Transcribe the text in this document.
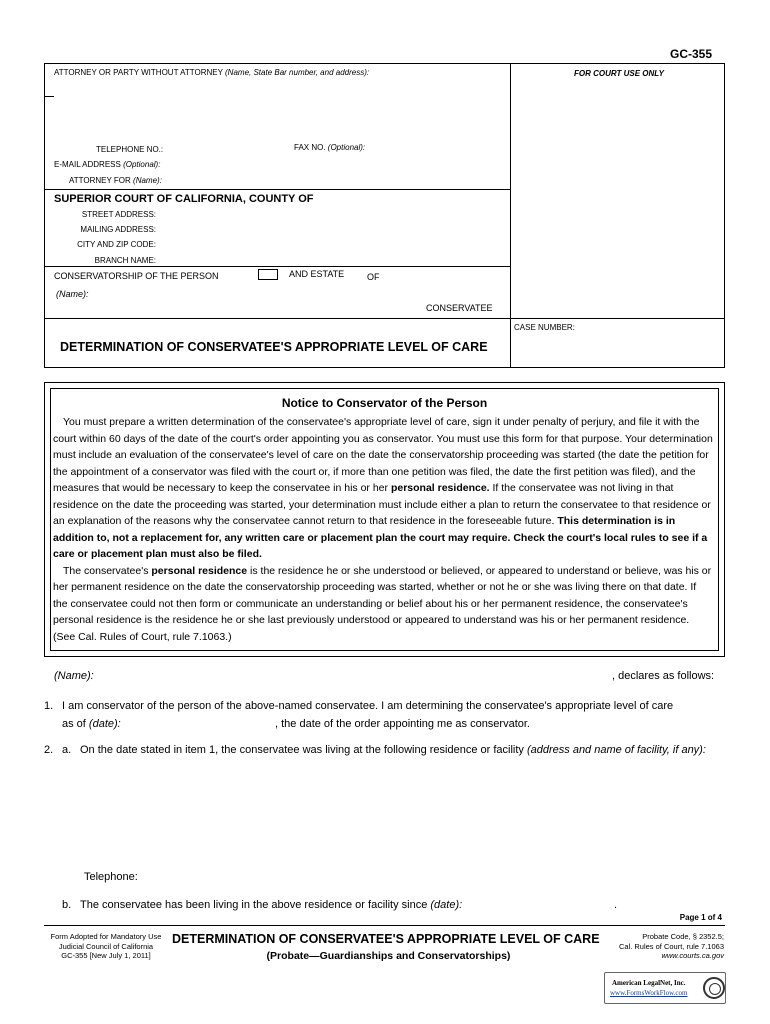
GC-355
ATTORNEY OR PARTY WITHOUT ATTORNEY (Name, State Bar number, and address):	FOR COURT USE ONLY
TELEPHONE NO.:	FAX NO. (Optional):
E-MAIL ADDRESS (Optional):
ATTORNEY FOR (Name):
SUPERIOR COURT OF CALIFORNIA, COUNTY OF
STREET ADDRESS:
MAILING ADDRESS:
CITY AND ZIP CODE:
BRANCH NAME:
CONSERVATORSHIP OF THE PERSON	AND ESTATE	OF
(Name):
CONSERVATEE
CASE NUMBER:
DETERMINATION OF CONSERVATEE'S APPROPRIATE LEVEL OF CARE
Notice to Conservator of the Person

You must prepare a written determination of the conservatee's appropriate level of care, sign it under penalty of perjury, and file it with the court within 60 days of the date of the court's order appointing you as conservator. You must use this form for that purpose. Your determination must include an evaluation of the conservatee's level of care on the date the conservatorship proceeding was started (the date the petition for the appointment of a conservator was filed with the court or, if more than one petition was filed, the date the first petition was filed), and the measures that would be necessary to keep the conservatee in his or her personal residence. If the conservatee was not living in that residence on the date the proceeding was started, your determination must include either a plan to return the conservatee to that residence or an explanation of the reasons why the conservatee cannot return to that residence in the foreseeable future. This determination is in addition to, not a replacement for, any written care or placement plan the court may require. Check the court's local rules to see if a care or placement plan must also be filed.

The conservatee's personal residence is the residence he or she understood or believed, or appeared to understand or believe, was his or her permanent residence on the date the conservatorship proceeding was started, whether or not he or she was living there on that date. If the conservatee could not then form or communicate an understanding or belief about his or her permanent residence, the conservatee's personal residence is the residence he or she last previously understood or appeared to understand was his or her permanent residence. (See Cal. Rules of Court, rule 7.1063.)

(Name):	, declares as follows:
1. I am conservator of the person of the above-named conservatee. I am determining the conservatee's appropriate level of care
as of (date):	, the date of the order appointing me as conservator.
2. a. On the date stated in item 1, the conservatee was living at the following residence or facility (address and name of facility, if any):
Telephone:
b. The conservatee has been living in the above residence or facility since (date):	.
Page 1 of 4
Form Adopted for Mandatory Use
Judicial Council of California
GC-355 [New July 1, 2011]
DETERMINATION OF CONSERVATEE'S APPROPRIATE LEVEL OF CARE
(Probate—Guardianships and Conservatorships)
Probate Code, § 2352.5;
Cal. Rules of Court, rule 7.1063
www.courts.ca.gov
American LegalNet, Inc.
www.FormsWorkFlow.com
